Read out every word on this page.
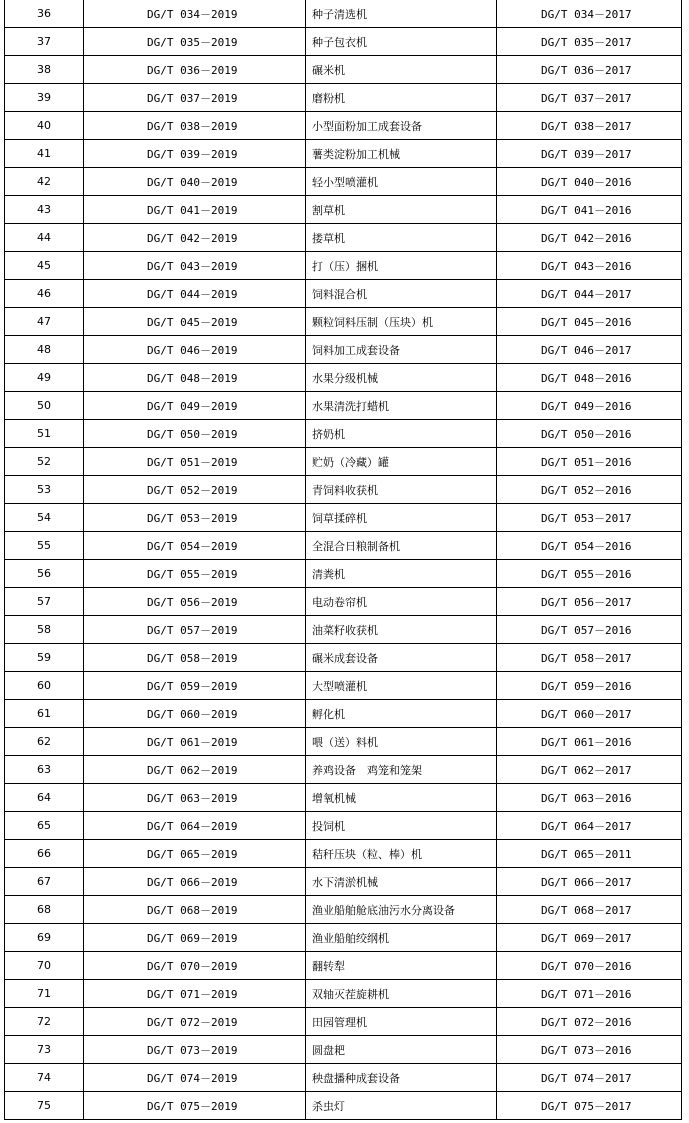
36	DG/T 034－2019	种子清选机	DG/T 034－2017
37	DG/T 035－2019	种子包衣机	DG/T 035－2017
38	DG/T 036－2019	碾米机	DG/T 036－2017
39	DG/T 037－2019	磨粉机	DG/T 037－2017
40	DG/T 038－2019	小型面粉加工成套设备	DG/T 038－2017
41	DG/T 039－2019	薯类淀粉加工机械	DG/T 039－2017
42	DG/T 040－2019	轻小型喷灌机	DG/T 040－2016
43	DG/T 041－2019	割草机	DG/T 041－2016
44	DG/T 042－2019	搂草机	DG/T 042－2016
45	DG/T 043－2019	打（压）捆机	DG/T 043－2016
46	DG/T 044－2019	饲料混合机	DG/T 044－2017
47	DG/T 045－2019	颗粒饲料压制（压块）机	DG/T 045－2016
48	DG/T 046－2019	饲料加工成套设备	DG/T 046－2017
49	DG/T 048－2019	水果分级机械	DG/T 048－2016
50	DG/T 049－2019	水果清洗打蜡机	DG/T 049－2016
51	DG/T 050－2019	挤奶机	DG/T 050－2016
52	DG/T 051－2019	贮奶（冷藏）罐	DG/T 051－2016
53	DG/T 052－2019	青饲料收获机	DG/T 052－2016
54	DG/T 053－2019	饲草揉碎机	DG/T 053－2017
55	DG/T 054－2019	全混合日粮制备机	DG/T 054－2016
56	DG/T 055－2019	清粪机	DG/T 055－2016
57	DG/T 056－2019	电动卷帘机	DG/T 056－2017
58	DG/T 057－2019	油菜籽收获机	DG/T 057－2016
59	DG/T 058－2019	碾米成套设备	DG/T 058－2017
60	DG/T 059－2019	大型喷灌机	DG/T 059－2016
61	DG/T 060－2019	孵化机	DG/T 060－2017
62	DG/T 061－2019	喂（送）料机	DG/T 061－2016
63	DG/T 062－2019	养鸡设备　鸡笼和笼架	DG/T 062－2017
64	DG/T 063－2019	增氧机械	DG/T 063－2016
65	DG/T 064－2019	投饲机	DG/T 064－2017
66	DG/T 065－2019	秸秆压块（粒、棒）机	DG/T 065－2011
67	DG/T 066－2019	水下清淤机械	DG/T 066－2017
68	DG/T 068－2019	渔业船舶舱底油污水分离设备	DG/T 068－2017
69	DG/T 069－2019	渔业船舶绞纲机	DG/T 069－2017
70	DG/T 070－2019	翻转犁	DG/T 070－2016
71	DG/T 071－2019	双轴灭茬旋耕机	DG/T 071－2016
72	DG/T 072－2019	田园管理机	DG/T 072－2016
73	DG/T 073－2019	圆盘耙	DG/T 073－2016
74	DG/T 074－2019	秧盘播种成套设备	DG/T 074－2017
75	DG/T 075－2019	杀虫灯	DG/T 075－2017
